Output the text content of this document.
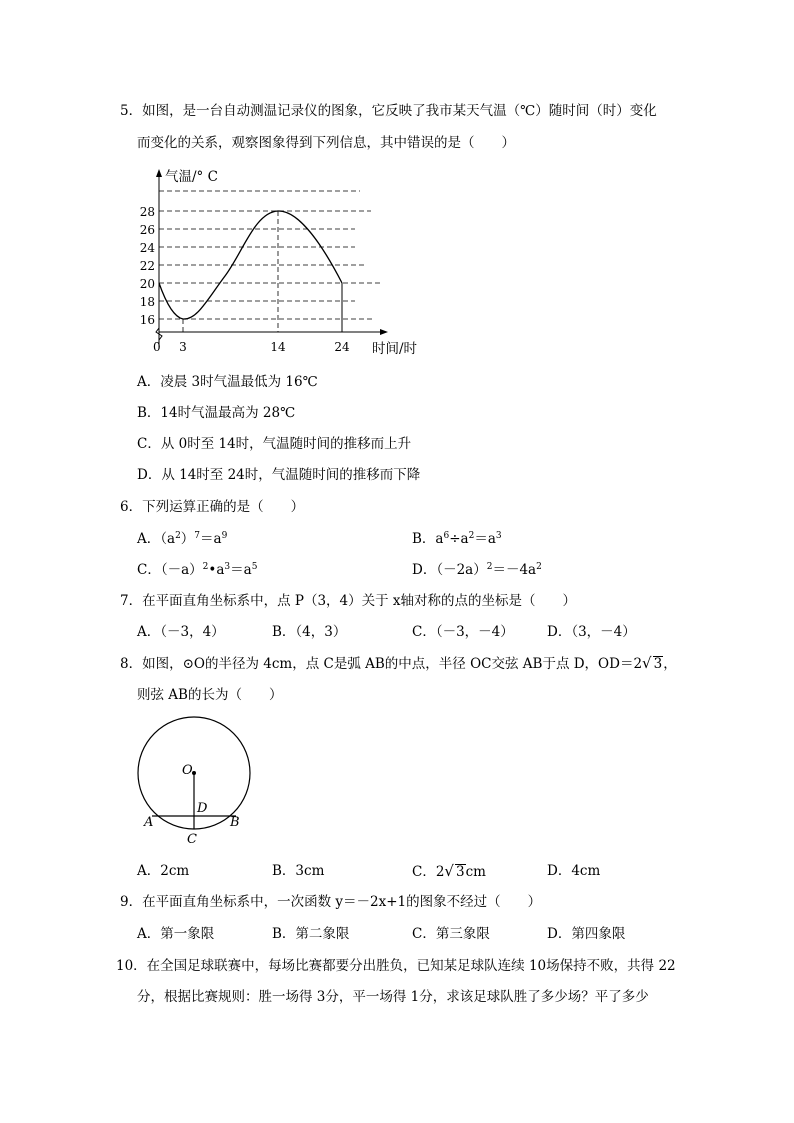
5．如图，是一台自动测温记录仪的图象，它反映了我市某天气温（℃）随时间（时）变化
而变化的关系，观察图象得到下列信息，其中错误的是（　　）
气温/° C
时间/时
0
28
26
24
22
20
18
16
3	14	24
A．凌晨 3时气温最低为 16℃
B．14时气温最高为 28℃
C．从 0时至 14时，气温随时间的推移而上升
D．从 14时至 24时，气温随时间的推移而下降
6．下列运算正确的是（　　）
A．$(a^2)^7=a^9$	B．$a^6\div a^2=a^3$
C．$(-a)^2•a^3=a^5$	D．$(-2a)^2=-4a^2$
7．在平面直角坐标系中，点 P（3，4）关于 x轴对称的点的坐标是（　　）
A．（－3，4）	B．（4，3）	C．（－3，－4） D．（3，－4）
8．如图，⊙O的半径为 4cm，点 C是弧 AB的中点，半径 OC交弦 AB于点 D，OD＝2√ 3，
则弦 AB的长为（　　）
O
D
A	B
C
A．2cm	B．3cm	C．2√ 3cm	D．4cm
9．在平面直角坐标系中，一次函数 y＝－2x+1的图象不经过（　　）
A．第一象限	B．第二象限	C．第三象限	D．第四象限
10．在全国足球联赛中，每场比赛都要分出胜负，已知某足球队连续 10场保持不败，共得 22
分，根据比赛规则：胜一场得 3分，平一场得 1分，求该足球队胜了多少场？平了多少
